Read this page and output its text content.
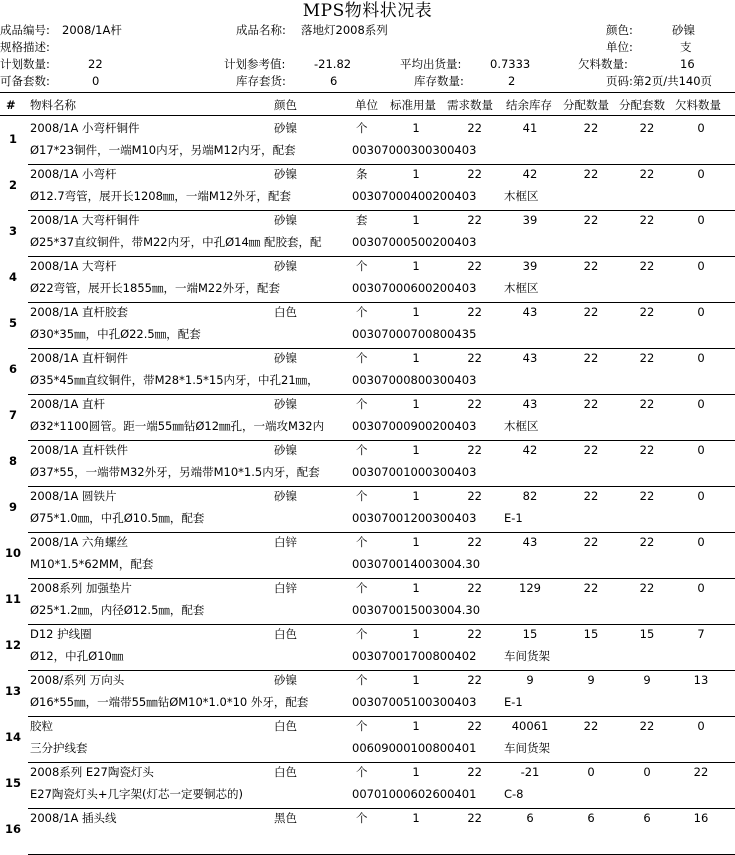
MPS物料状况表
成品编号: 2008/1A杆	成品名称: 落地灯2008系列	颜色:	砂镍
规格描述:	单位:	支
计划数量:	22	计划参考值: -21.82	平均出货量: 0.7333	欠料数量:	16
可备套数:	0	库存套货:	6	库存数量:	2	页码:第2页/共140页
# 物料名称	颜色	单位 标准用量 需求数量 结余库存 分配数量 分配套数 欠料数量
1
2008/1A 小弯杆铜件
Ø17*23铜件，一端M10内牙，另端M12内牙，配套
砂镍	个	1	22	41	22	22	0
00307000300300403
2
2008/1A 小弯杆
Ø12.7弯管，展开长1208㎜，一端M12外牙，配套
砂镍	条	1	22	42	22	22	0
00307000400200403	木框区
3
2008/1A 大弯杆铜件
Ø25*37直纹铜件，带M22内牙，中孔Ø14㎜ 配胶套，配
砂镍	套	1	22	39	22	22	0
00307000500200403
4
2008/1A 大弯杆
Ø22弯管，展开长1855㎜，一端M22外牙，配套
砂镍	个	1	22	39	22	22	0
00307000600200403	木框区
5
2008/1A 直杆胶套
Ø30*35㎜，中孔Ø22.5㎜，配套
白色	个	1	22	43	22	22	0
00307000700800435
6
2008/1A 直杆铜件
Ø35*45㎜直纹铜件，带M28*1.5*15内牙，中孔21㎜，
砂镍	个	1	22	43	22	22	0
00307000800300403
7
2008/1A 直杆
Ø32*1100圆管。距一端55㎜钻Ø12㎜孔，一端攻M32内
砂镍	个	1	22	43	22	22	0
00307000900200403	木框区
8
2008/1A 直杆铁件
Ø37*55，一端带M32外牙，另端带M10*1.5内牙，配套
砂镍	个	1	22	42	22	22	0
00307001000300403
9
2008/1A 圆铁片
Ø75*1.0㎜，中孔Ø10.5㎜，配套
砂镍	个	1	22	82	22	22	0
00307001200300403	E-1
10
2008/1A 六角螺丝
M10*1.5*62MM，配套
白锌	个	1	22	43	22	22	0
003070014003004.30
11
2008系列 加强垫片
Ø25*1.2㎜，内径Ø12.5㎜，配套
白锌	个	1	22	129	22	22	0
003070015003004.30
12
D12 护线圈
Ø12，中孔Ø10㎜
白色	个	1	22	15	15	15	7
00307001700800402	车间货架
13
2008/系列 万向头
Ø16*55㎜，一端带55㎜钻ØM10*1.0*10 外牙，配套
砂镍	个	1	22	9	9	9	13
00307005100300403	E-1
14
胶粒
三分护线套
白色	个	1	22	40061	22	22	0
00609000100800401	车间货架
15
2008系列 E27陶瓷灯头
E27陶瓷灯头+几字架(灯芯一定要铜芯的)
白色	个	1	22	-21	0	0	22
00701000602600401	C-8
16
2008/1A 插头线	黑色	个	1	22	6	6	6	16
